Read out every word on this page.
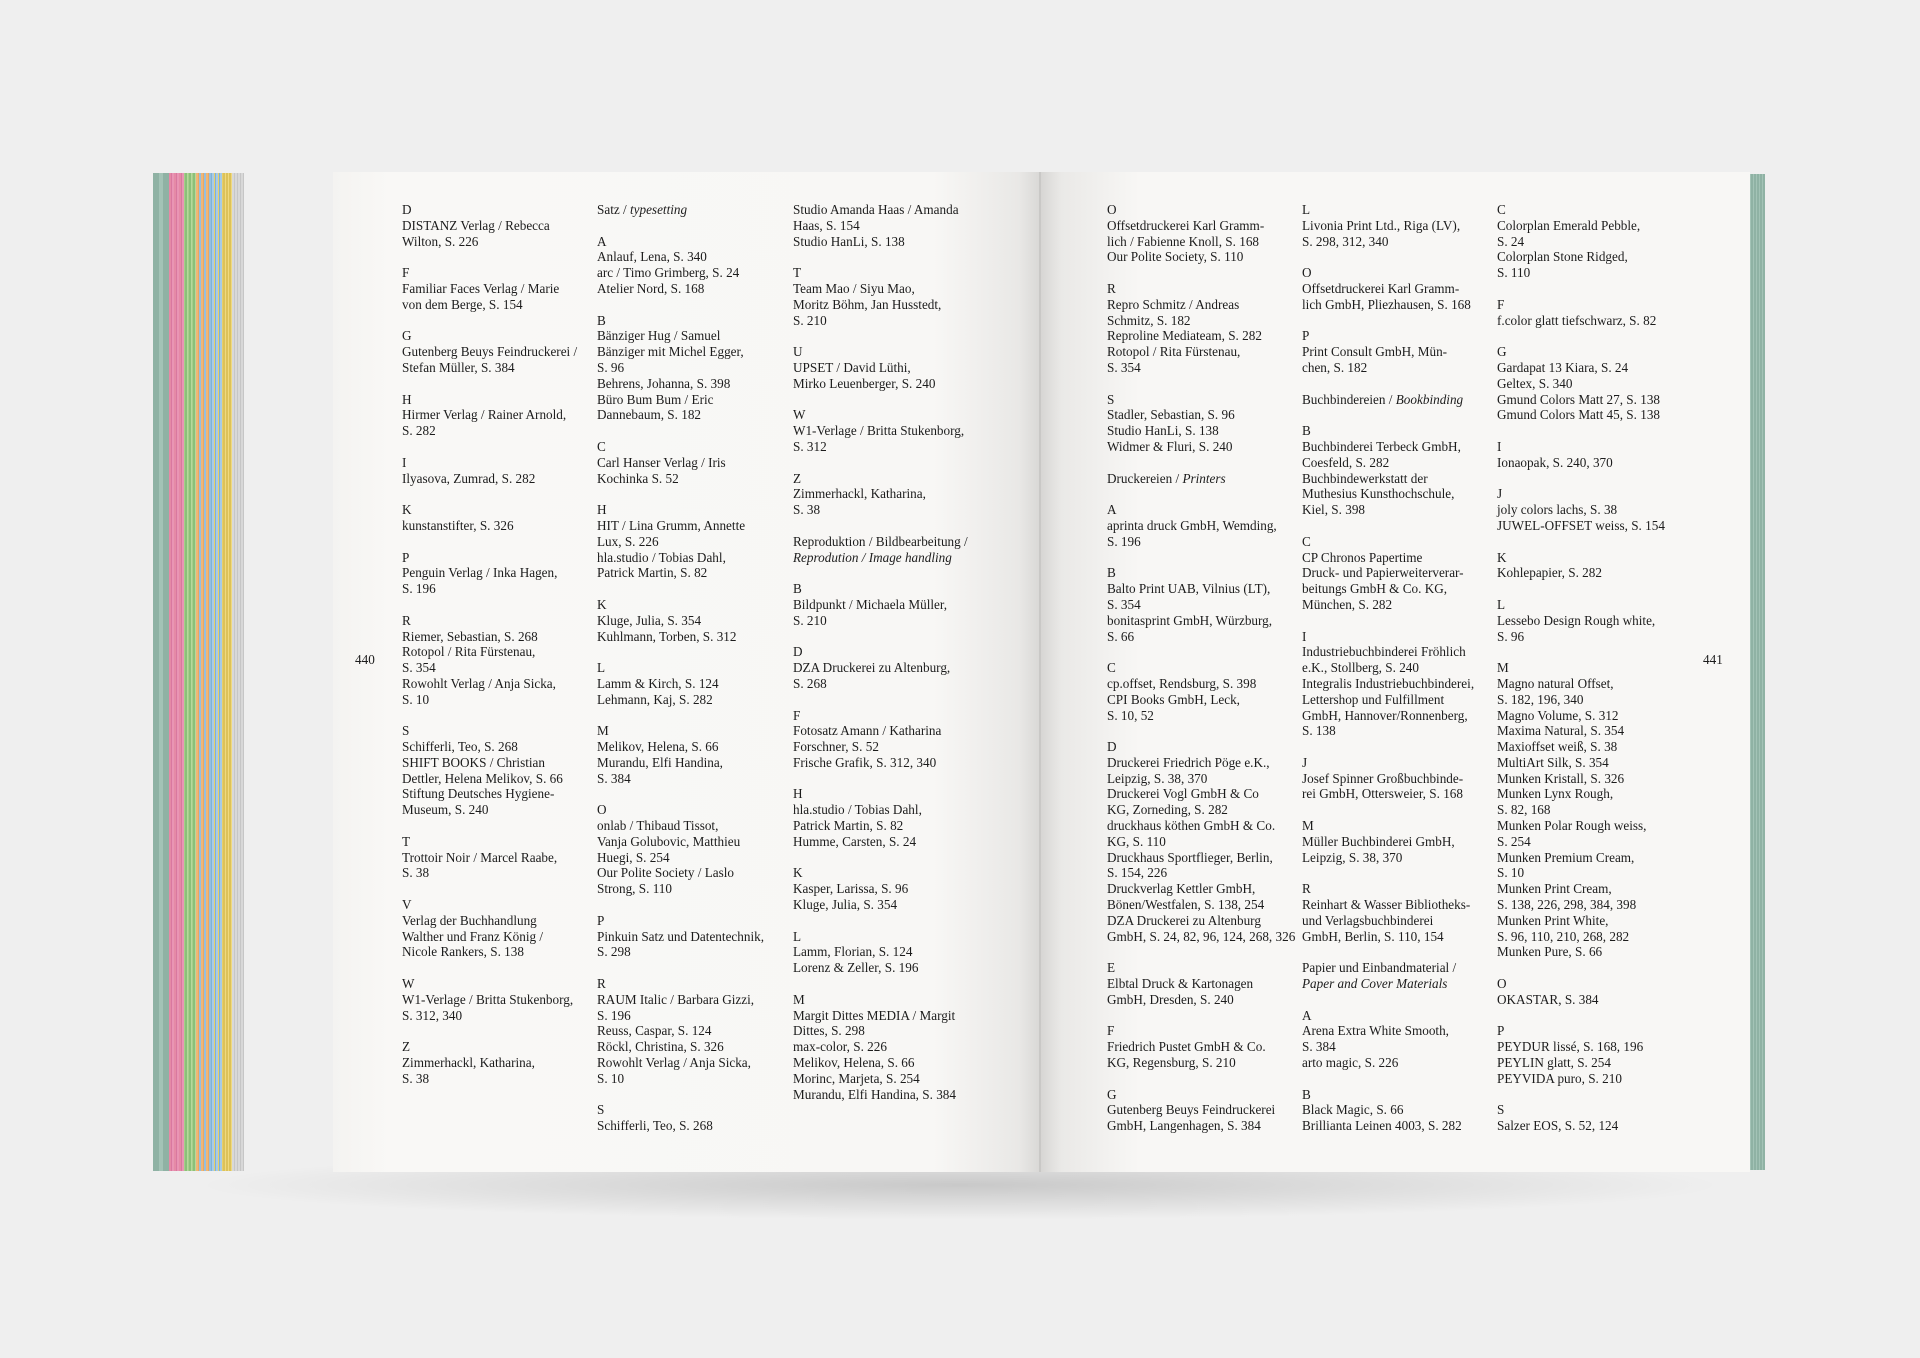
440	441
D
DISTANZ Verlag / Rebecca
Wilton, S. 226
F
Familiar Faces Verlag / Marie
von dem Berge, S. 154
G
Gutenberg Beuys Feindruckerei /
Stefan Müller, S. 384
H
Hirmer Verlag / Rainer Arnold,
S. 282
I
Ilyasova, Zumrad, S. 282
K
kunstanstifter, S. 326
P
Penguin Verlag / Inka Hagen,
S. 196
R
Riemer, Sebastian, S. 268
Rotopol / Rita Fürstenau,
S. 354
Rowohlt Verlag / Anja Sicka,
S. 10
S
Schifferli, Teo, S. 268
SHIFT BOOKS / Christian
Dettler, Helena Melikov, S. 66
Stiftung Deutsches Hygiene-
Museum, S. 240
T
Trottoir Noir / Marcel Raabe,
S. 38
V
Verlag der Buchhandlung
Walther und Franz König /
Nicole Rankers, S. 138
W
W1-Verlage / Britta Stukenborg,
S. 312, 340
Z
Zimmerhackl, Katharina,
S. 38
Satz / typesetting
A
Anlauf, Lena, S. 340
arc / Timo Grimberg, S. 24
Atelier Nord, S. 168
B
Bänziger Hug / Samuel
Bänziger mit Michel Egger,
S. 96
Behrens, Johanna, S. 398
Büro Bum Bum / Eric
Dannebaum, S. 182
C
Carl Hanser Verlag / Iris
Kochinka S. 52
H
HIT / Lina Grumm, Annette
Lux, S. 226
hla.studio / Tobias Dahl,
Patrick Martin, S. 82
K
Kluge, Julia, S. 354
Kuhlmann, Torben, S. 312
L
Lamm & Kirch, S. 124
Lehmann, Kaj, S. 282
M
Melikov, Helena, S. 66
Murandu, Elfi Handina,
S. 384
O
onlab / Thibaud Tissot,
Vanja Golubovic, Matthieu
Huegi, S. 254
Our Polite Society / Laslo
Strong, S. 110
P
Pinkuin Satz und Datentechnik,
S. 298
R
RAUM Italic / Barbara Gizzi,
S. 196
Reuss, Caspar, S. 124
Röckl, Christina, S. 326
Rowohlt Verlag / Anja Sicka,
S. 10
S
Schifferli, Teo, S. 268
Studio Amanda Haas / Amanda
Haas, S. 154
Studio HanLi, S. 138
T
Team Mao / Siyu Mao,
Moritz Böhm, Jan Husstedt,
S. 210
U
UPSET / David Lüthi,
Mirko Leuenberger, S. 240
W
W1-Verlage / Britta Stukenborg,
S. 312
Z
Zimmerhackl, Katharina,
S. 38
Reproduktion / Bildbearbeitung /
Reprodution / Image handling
B
Bildpunkt / Michaela Müller,
S. 210
D
DZA Druckerei zu Altenburg,
S. 268
F
Fotosatz Amann / Katharina
Forschner, S. 52
Frische Grafik, S. 312, 340
H
hla.studio / Tobias Dahl,
Patrick Martin, S. 82
Humme, Carsten, S. 24
K
Kasper, Larissa, S. 96
Kluge, Julia, S. 354
L
Lamm, Florian, S. 124
Lorenz & Zeller, S. 196
M
Margit Dittes MEDIA / Margit
Dittes, S. 298
max-color, S. 226
Melikov, Helena, S. 66
Morinc, Marjeta, S. 254
Murandu, Elfi Handina, S. 384
O
Offsetdruckerei Karl Gramm-
lich / Fabienne Knoll, S. 168
Our Polite Society, S. 110
R
Repro Schmitz / Andreas
Schmitz, S. 182
Reproline Mediateam, S. 282
Rotopol / Rita Fürstenau,
S. 354
S
Stadler, Sebastian, S. 96
Studio HanLi, S. 138
Widmer & Fluri, S. 240
Druckereien / Printers
A
aprinta druck GmbH, Wemding,
S. 196
B
Balto Print UAB, Vilnius (LT),
S. 354
bonitasprint GmbH, Würzburg,
S. 66
C
cp.offset, Rendsburg, S. 398
CPI Books GmbH, Leck,
S. 10, 52
D
Druckerei Friedrich Pöge e.K.,
Leipzig, S. 38, 370
Druckerei Vogl GmbH & Co
KG, Zorneding, S. 282
druckhaus köthen GmbH & Co.
KG, S. 110
Druckhaus Sportflieger, Berlin,
S. 154, 226
Druckverlag Kettler GmbH,
Bönen/Westfalen, S. 138, 254
DZA Druckerei zu Altenburg
GmbH, S. 24, 82, 96, 124, 268, 326
E
Elbtal Druck & Kartonagen
GmbH, Dresden, S. 240
F
Friedrich Pustet GmbH & Co.
KG, Regensburg, S. 210
G
Gutenberg Beuys Feindruckerei
GmbH, Langenhagen, S. 384
L
Livonia Print Ltd., Riga (LV),
S. 298, 312, 340
O
Offsetdruckerei Karl Gramm-
lich GmbH, Pliezhausen, S. 168
P
Print Consult GmbH, Mün-
chen, S. 182
Buchbindereien / Bookbinding
B
Buchbinderei Terbeck GmbH,
Coesfeld, S. 282
Buchbindewerkstatt der
Muthesius Kunsthochschule,
Kiel, S. 398
C
CP Chronos Papertime
Druck- und Papierweiterverar-
beitungs GmbH & Co. KG,
München, S. 282
I
Industriebuchbinderei Fröhlich
e.K., Stollberg, S. 240
Integralis Industriebuchbinderei,
Lettershop und Fulfillment
GmbH, Hannover/Ronnenberg,
S. 138
J
Josef Spinner Großbuchbinde-
rei GmbH, Ottersweier, S. 168
M
Müller Buchbinderei GmbH,
Leipzig, S. 38, 370
R
Reinhart & Wasser Bibliotheks-
und Verlagsbuchbinderei
GmbH, Berlin, S. 110, 154
Papier und Einbandmaterial /
Paper and Cover Materials
A
Arena Extra White Smooth,
S. 384
arto magic, S. 226
B
Black Magic, S. 66
Brillianta Leinen 4003, S. 282
C
Colorplan Emerald Pebble,
S. 24
Colorplan Stone Ridged,
S. 110
F
f.color glatt tiefschwarz, S. 82
G
Gardapat 13 Kiara, S. 24
Geltex, S. 340
Gmund Colors Matt 27, S. 138
Gmund Colors Matt 45, S. 138
I
Ionaopak, S. 240, 370
J
joly colors lachs, S. 38
JUWEL-OFFSET weiss, S. 154
K
Kohlepapier, S. 282
L
Lessebo Design Rough white,
S. 96
M
Magno natural Offset,
S. 182, 196, 340
Magno Volume, S. 312
Maxima Natural, S. 354
Maxioffset weiß, S. 38
MultiArt Silk, S. 354
Munken Kristall, S. 326
Munken Lynx Rough,
S. 82, 168
Munken Polar Rough weiss,
S. 254
Munken Premium Cream,
S. 10
Munken Print Cream,
S. 138, 226, 298, 384, 398
Munken Print White,
S. 96, 110, 210, 268, 282
Munken Pure, S. 66
O
OKASTAR, S. 384
P
PEYDUR lissé, S. 168, 196
PEYLIN glatt, S. 254
PEYVIDA puro, S. 210
S
Salzer EOS, S. 52, 124
